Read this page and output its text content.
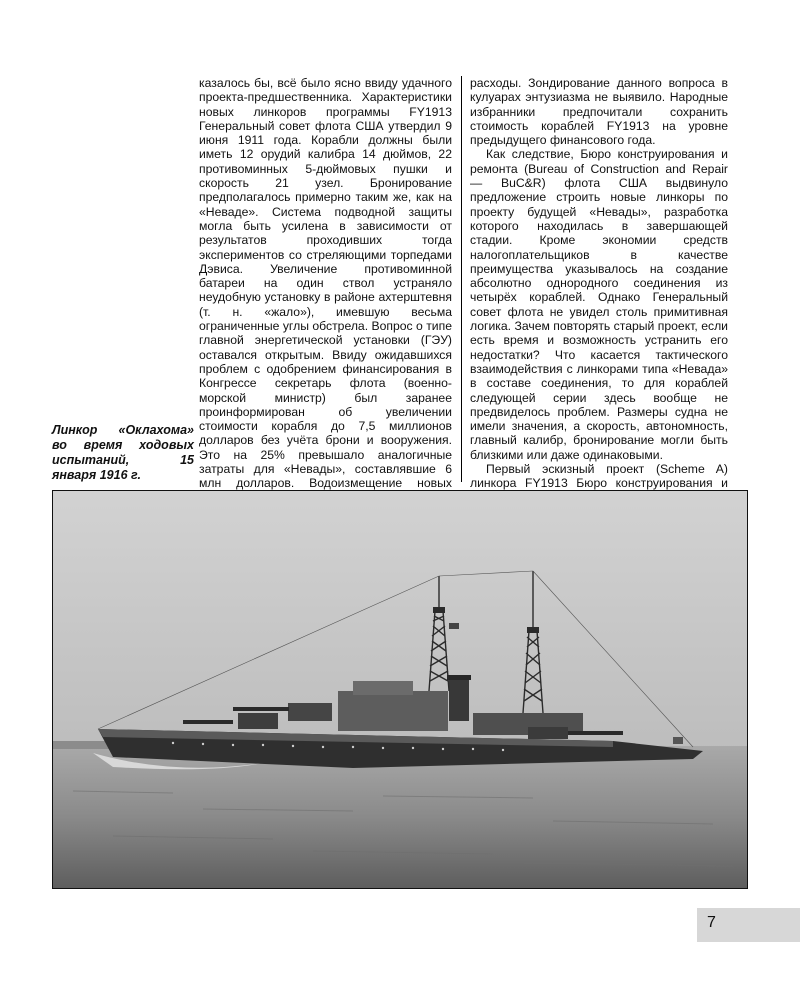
Линкор «Оклахома» во время ходовых испытаний, 15 января 1916 г.

казалось бы, всё было ясно ввиду удачного проекта-предшественника. Характеристики новых линкоров программы FY1913 Генеральный совет флота США утвердил 9 июня 1911 года. Корабли должны были иметь 12 орудий калибра 14 дюймов, 22 противоминных 5-дюймовых пушки и скорость 21 узел. Бронирование предполагалось примерно таким же, как на «Неваде». Система подводной защиты могла быть усилена в зависимости от результатов проходивших тогда экспериментов со стреляющими торпедами Дэвиса. Увеличение противоминной батареи на один ствол устраняло неудобную установку в районе ахтерштевня (т. н. «жало»), имевшую весьма ограниченные углы обстрела. Вопрос о типе главной энергетической установки (ГЭУ) оставался открытым. Ввиду ожидавшихся проблем с одобрением финансирования в Конгрессе секретарь флота (военно-морской министр) был заранее проинформирован об увеличении стоимости корабля до 7,5 миллионов долларов без учёта брони и вооружения. Это на 25% превышало аналогичные затраты для «Невады», составлявшие 6 млн долларов. Водоизмещение новых

расходы. Зондирование данного вопроса в кулуарах энтузиазма не выявило. Народные избранники предпочитали сохранить стоимость кораблей FY1913 на уровне предыдущего финансового года.

Как следствие, Бюро конструирования и ремонта (Bureau of Construction and Repair — BuC&R) флота США выдвинуло предложение строить новые линкоры по проекту будущей «Невады», разработка которого находилась в завершающей стадии. Кроме экономии средств налогоплательщиков в качестве преимущества указывалось на создание абсолютно однородного соединения из четырёх кораблей. Однако Генеральный совет флота не увидел столь примитивная логика. Зачем повторять старый проект, если есть время и возможность устранить его недостатки? Что касается тактического взаимодействия с линкорами типа «Невада» в составе соединения, то для кораблей следующей серии здесь вообще не предвиделось проблем. Размеры судна не имели значения, а скорость, автономность, главный калибр, бронирование могли быть близкими или даже одинаковыми.

Первый эскизный проект (Scheme A) линкора FY1913 Бюро конструирования и

7
